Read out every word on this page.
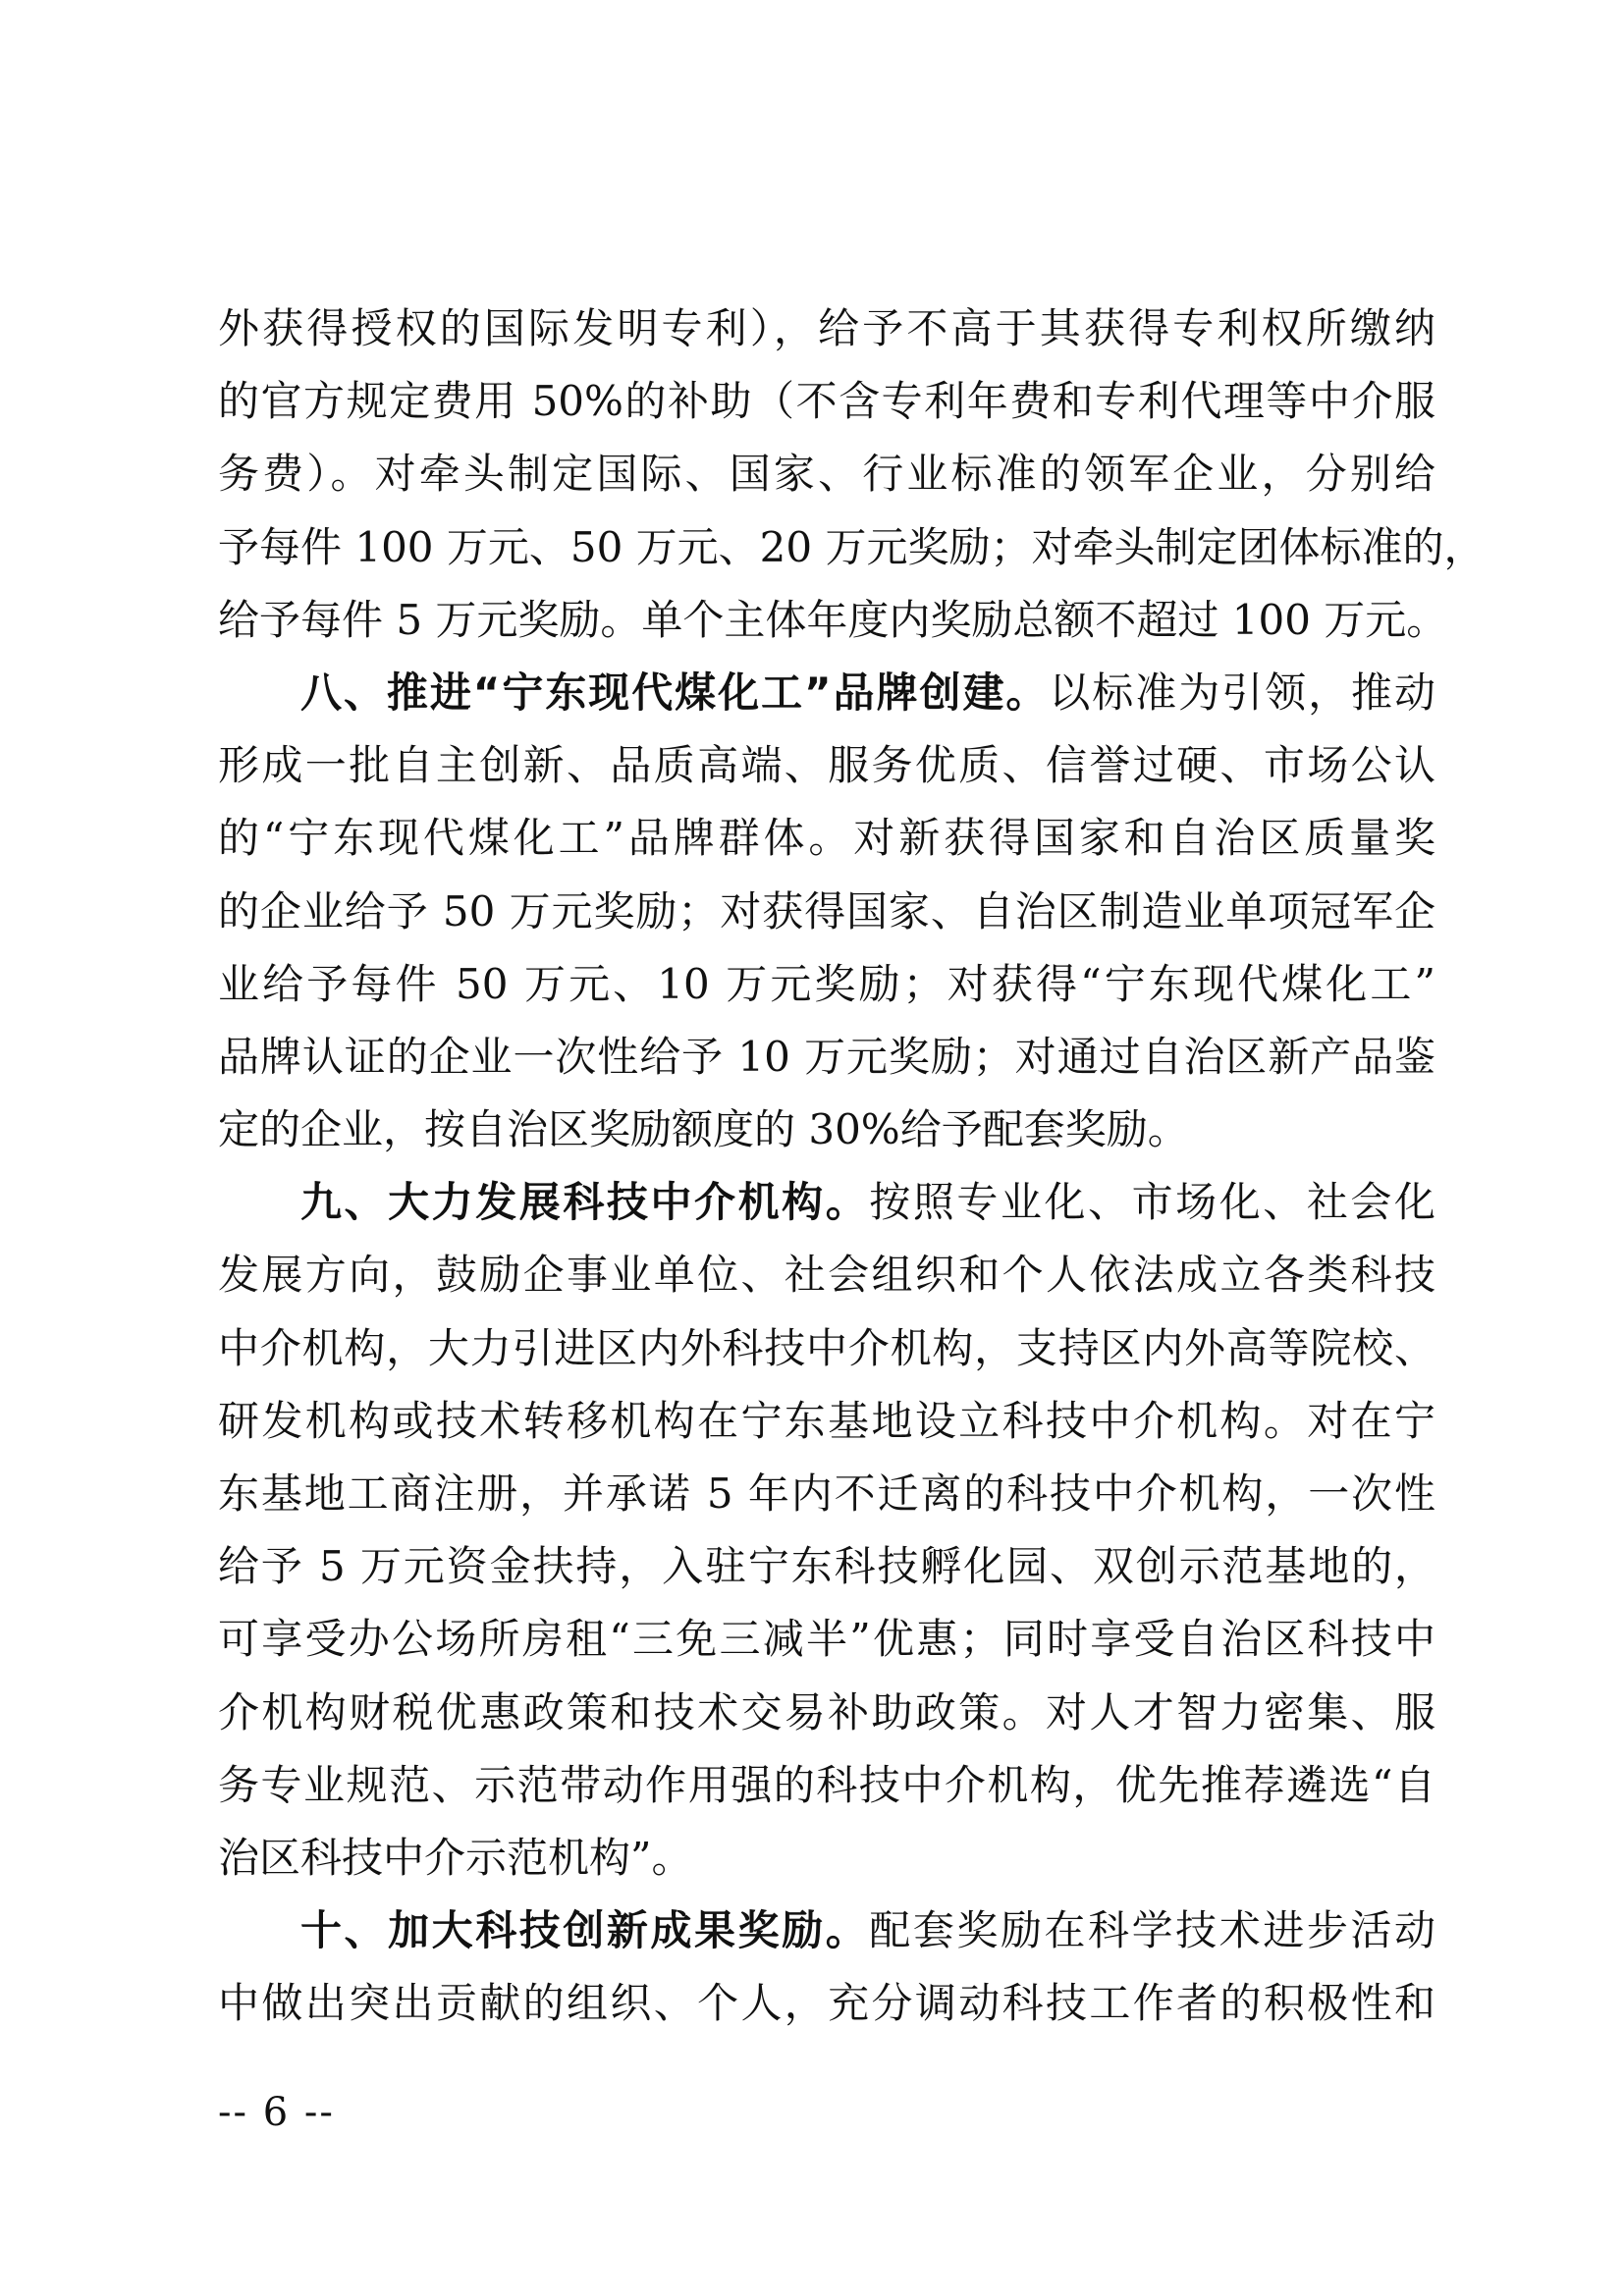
外获得授权的国际发明专利），给予不高于其获得专利权所缴纳
的官方规定费用 50%的补助（不含专利年费和专利代理等中介服
务费）。对牵头制定国际、国家、行业标准的领军企业，分别给
予每件 100 万元、50 万元、20 万元奖励；对牵头制定团体标准的，
给予每件 5 万元奖励。单个主体年度内奖励总额不超过 100 万元。
八、推进“宁东现代煤化工”品牌创建。以标准为引领，推动
形成一批自主创新、品质高端、服务优质、信誉过硬、市场公认
的“宁东现代煤化工”品牌群体。对新获得国家和自治区质量奖
的企业给予 50 万元奖励；对获得国家、自治区制造业单项冠军企
业给予每件 50 万元、10 万元奖励；对获得“宁东现代煤化工”
品牌认证的企业一次性给予 10 万元奖励；对通过自治区新产品鉴
定的企业，按自治区奖励额度的 30%给予配套奖励。
九、大力发展科技中介机构。按照专业化、市场化、社会化
发展方向，鼓励企事业单位、社会组织和个人依法成立各类科技
中介机构，大力引进区内外科技中介机构，支持区内外高等院校、
研发机构或技术转移机构在宁东基地设立科技中介机构。对在宁
东基地工商注册，并承诺 5 年内不迁离的科技中介机构，一次性
给予 5 万元资金扶持，入驻宁东科技孵化园、双创示范基地的，
可享受办公场所房租“三免三减半”优惠；同时享受自治区科技中
介机构财税优惠政策和技术交易补助政策。对人才智力密集、服
务专业规范、示范带动作用强的科技中介机构，优先推荐遴选“自
治区科技中介示范机构”。
十、加大科技创新成果奖励。配套奖励在科学技术进步活动
中做出突出贡献的组织、个人，充分调动科技工作者的积极性和
-- 6 --
